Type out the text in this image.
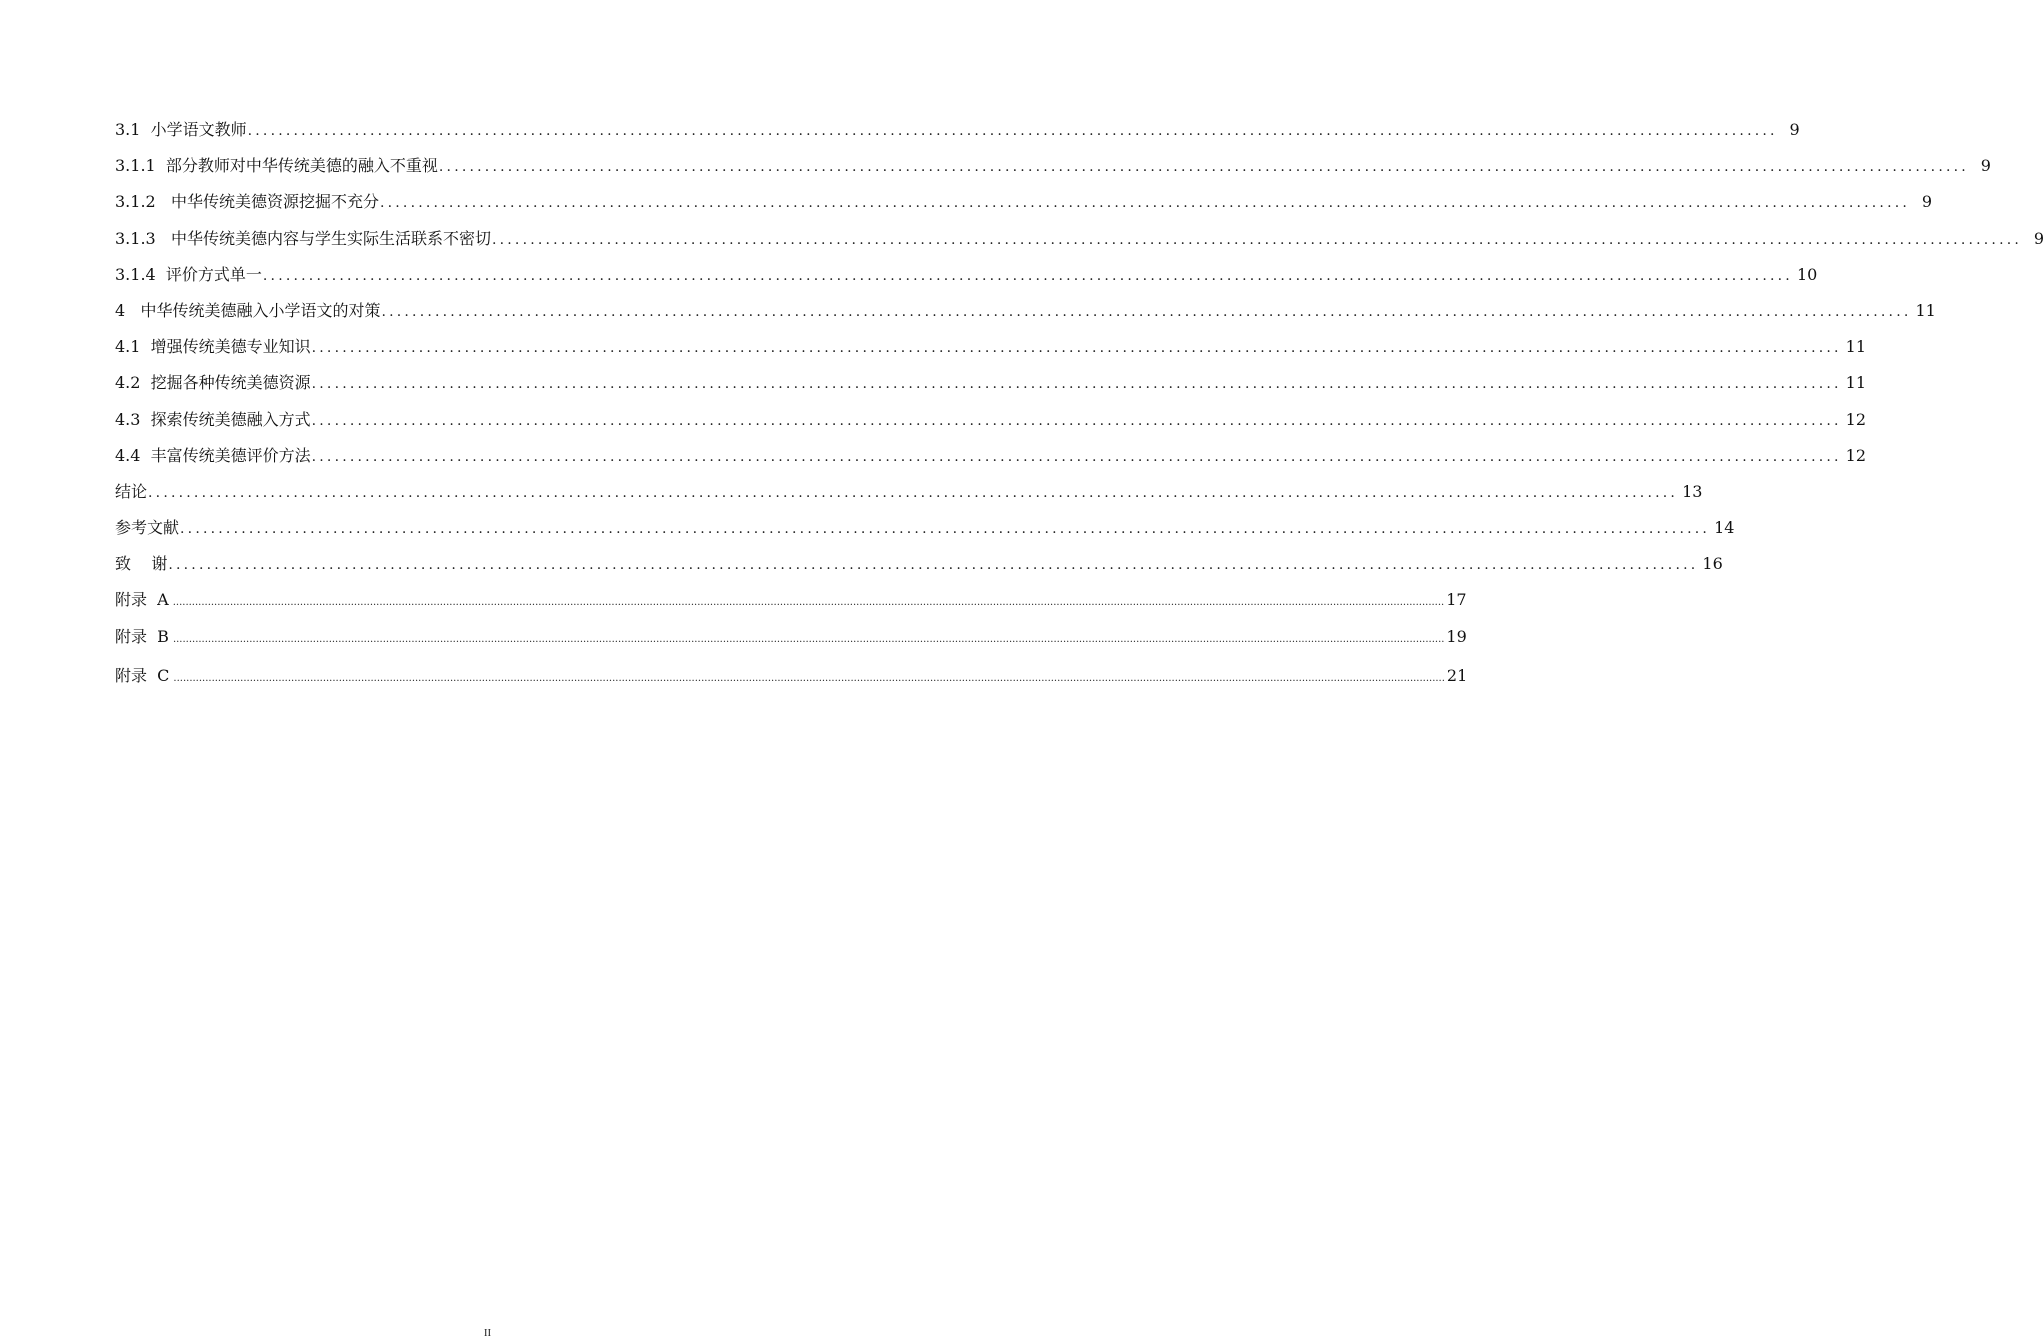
3.1  小学语文教师 ........................................................................................................................................................................................................ 9
3.1.1  部分教师对中华传统美德的融入不重视 ........................................................................................................................................................................................................ 9
3.1.2   中华传统美德资源挖掘不充分 ........................................................................................................................................................................................................ 9
3.1.3   中华传统美德内容与学生实际生活联系不密切 ........................................................................................................................................................................................................ 9
3.1.4  评价方式单一 ........................................................................................................................................................................................................ 10
4   中华传统美德融入小学语文的对策 ........................................................................................................................................................................................................ 11
4.1  增强传统美德专业知识 ........................................................................................................................................................................................................ 11
4.2  挖掘各种传统美德资源 ........................................................................................................................................................................................................ 11
4.3  探索传统美德融入方式 ........................................................................................................................................................................................................ 12
4.4  丰富传统美德评价方法 ........................................................................................................................................................................................................ 12
结论 ........................................................................................................................................................................................................ 13
参考文献 ........................................................................................................................................................................................................ 14
致    谢 ........................................................................................................................................................................................................ 16
附录  A ................................................................................................................................................................................................................................................................................................................................................................................................................ 17
附录  B ................................................................................................................................................................................................................................................................................................................................................................................................................ 19
附录  C ................................................................................................................................................................................................................................................................................................................................................................................................................ 21
II
